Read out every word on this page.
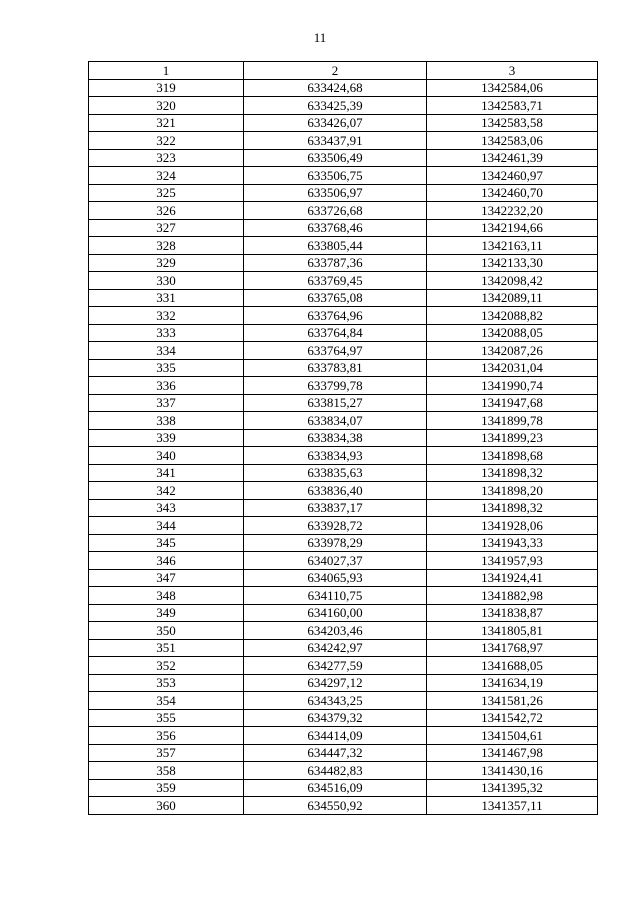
11
1	2	3
319	633424,68	1342584,06
320	633425,39	1342583,71
321	633426,07	1342583,58
322	633437,91	1342583,06
323	633506,49	1342461,39
324	633506,75	1342460,97
325	633506,97	1342460,70
326	633726,68	1342232,20
327	633768,46	1342194,66
328	633805,44	1342163,11
329	633787,36	1342133,30
330	633769,45	1342098,42
331	633765,08	1342089,11
332	633764,96	1342088,82
333	633764,84	1342088,05
334	633764,97	1342087,26
335	633783,81	1342031,04
336	633799,78	1341990,74
337	633815,27	1341947,68
338	633834,07	1341899,78
339	633834,38	1341899,23
340	633834,93	1341898,68
341	633835,63	1341898,32
342	633836,40	1341898,20
343	633837,17	1341898,32
344	633928,72	1341928,06
345	633978,29	1341943,33
346	634027,37	1341957,93
347	634065,93	1341924,41
348	634110,75	1341882,98
349	634160,00	1341838,87
350	634203,46	1341805,81
351	634242,97	1341768,97
352	634277,59	1341688,05
353	634297,12	1341634,19
354	634343,25	1341581,26
355	634379,32	1341542,72
356	634414,09	1341504,61
357	634447,32	1341467,98
358	634482,83	1341430,16
359	634516,09	1341395,32
360	634550,92	1341357,11
